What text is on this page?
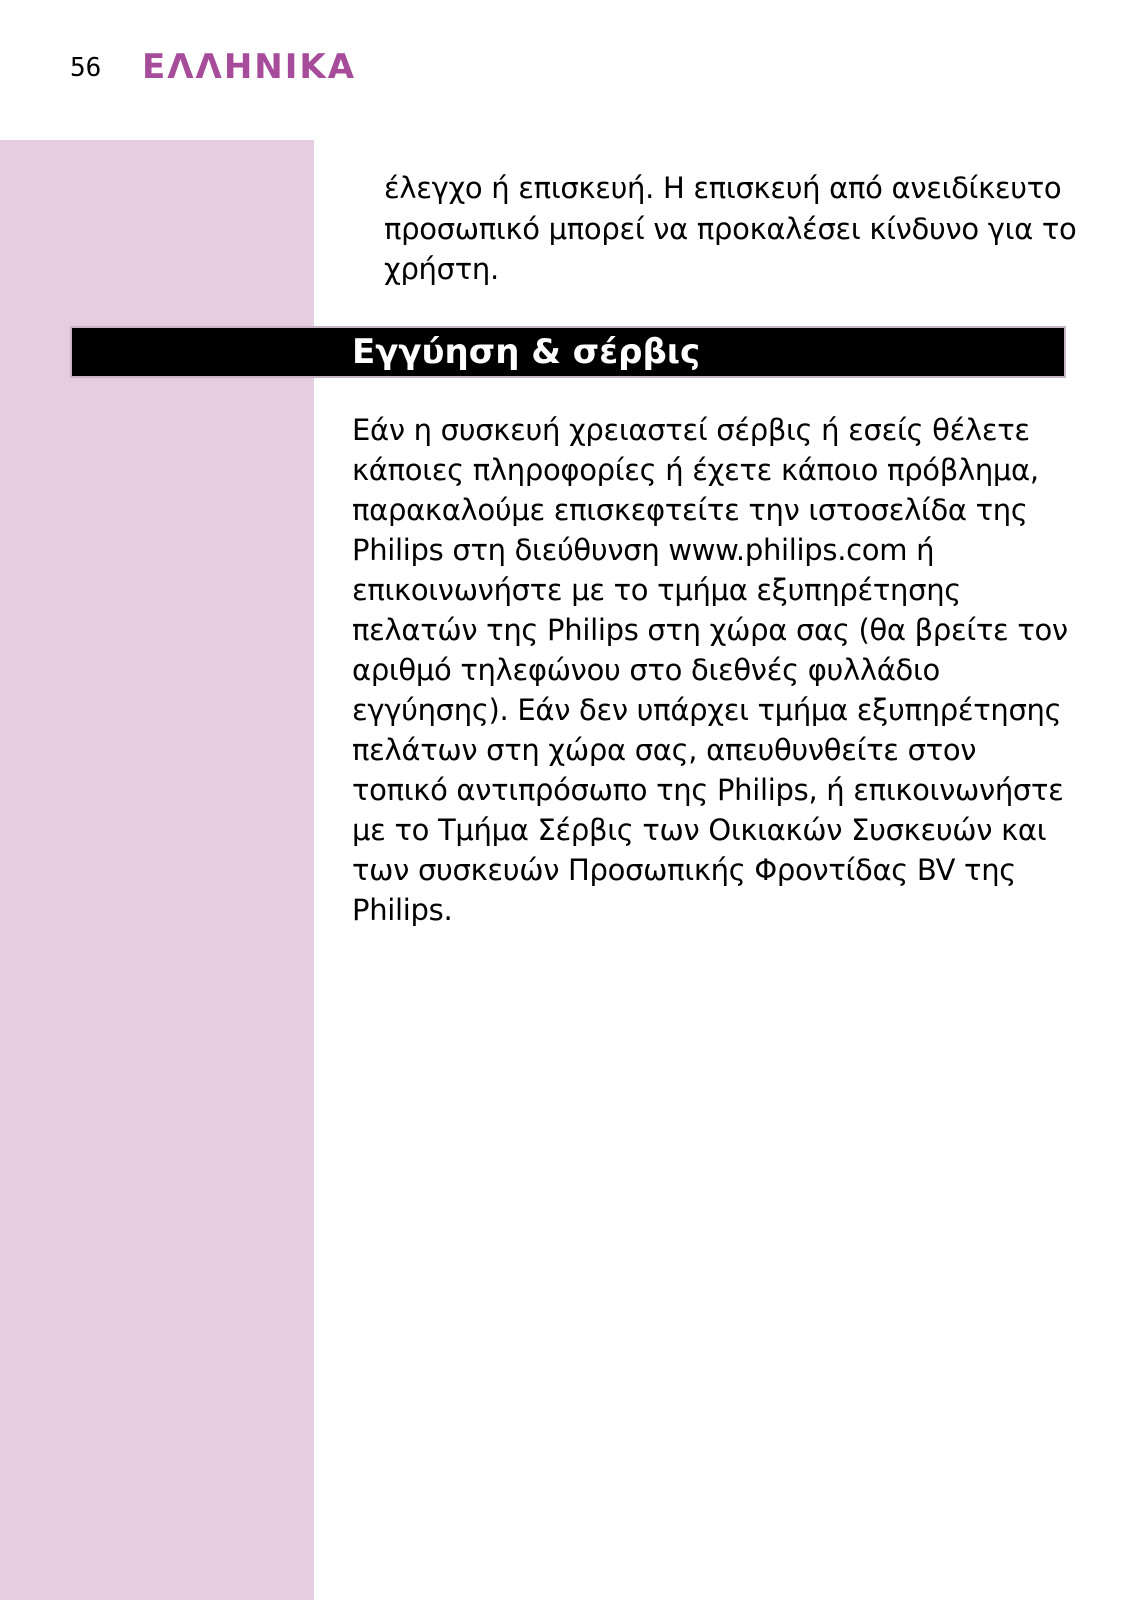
56 ΕΛΛΗΝΙΚΑ

έλεγχο ή επισκευή. Η επισκευή από ανειδίκευτο προσωπικό μπορεί να προκαλέσει κίνδυνο για το χρήστη.

Εγγύηση & σέρβις

Εάν η συσκευή χρειαστεί σέρβις ή εσείς θέλετε κάποιες πληροφορίες ή έχετε κάποιο πρόβλημα, παρακαλούμε επισκεφτείτε την ιστοσελίδα της Philips στη διεύθυνση www.philips.com ή επικοινωνήστε με το τμήμα εξυπηρέτησης πελατών της Philips στη χώρα σας (θα βρείτε τον αριθμό τηλεφώνου στο διεθνές φυλλάδιο εγγύησης). Εάν δεν υπάρχει τμήμα εξυπηρέτησης πελάτων στη χώρα σας, απευθυνθείτε στον τοπικό αντιπρόσωπο της Philips, ή επικοινωνήστε με το Τμήμα Σέρβις των Οικιακών Συσκευών και των συσκευών Προσωπικής Φροντίδας BV της Philips.
